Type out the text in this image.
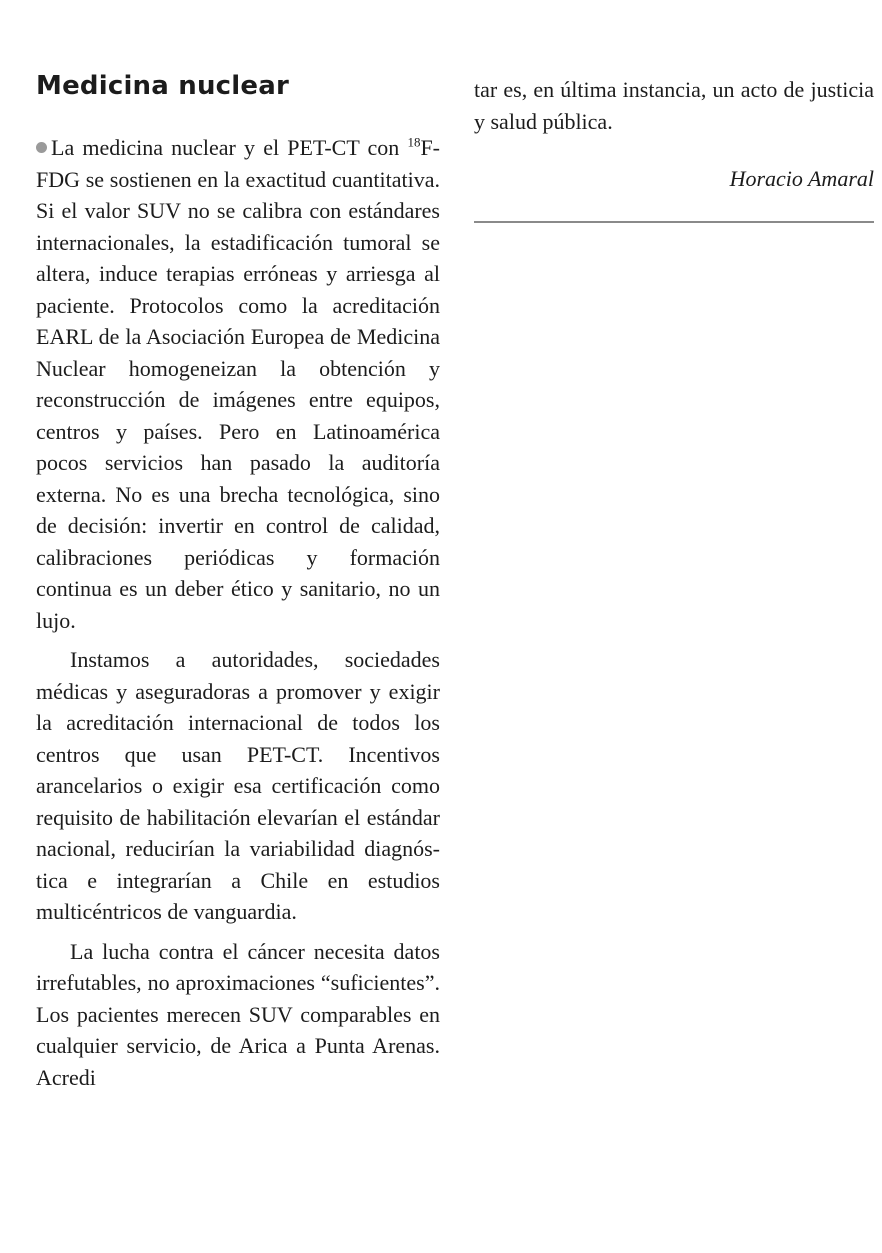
Medicina nuclear

La medicina nuclear y el PET-CT con $^{18}$F-FDG se sostienen en la exactitud cuantitativa. Si el valor SUV no se calibra con estándares internacionales, la estadificación tumoral se altera, induce terapias erróneas y arriesga al paciente. Protocolos como la acreditación EARL de la Asociación Europea de Medicina Nuclear homogeneizan la obtención y reconstrucción de imágenes entre equipos, centros y países. Pero en Latinoamérica pocos servicios han pasado la auditoría externa. No es una brecha tecnológica, sino de decisión: invertir en control de calidad, calibraciones periódicas y formación continua es un deber ético y sanitario, no un lujo.

Instamos a autoridades, sociedades médicas y aseguradoras a promover y exigir la acreditación internacional de todos los centros que usan PET-CT. Incentivos arancelarios o exigir esa certificación como requisito de habilitación elevarían el estándar nacional, reducirían la variabilidad diagnóstica e integrarían a Chile en estudios multicéntricos de vanguardia.

La lucha contra el cáncer necesita datos irrefutables, no aproximaciones “suficientes”. Los pacientes merecen SUV comparables en cualquier servicio, de Arica a Punta Arenas. Acredi

tar es, en última instancia, un acto de justicia y salud pública.

Horacio Amaral
